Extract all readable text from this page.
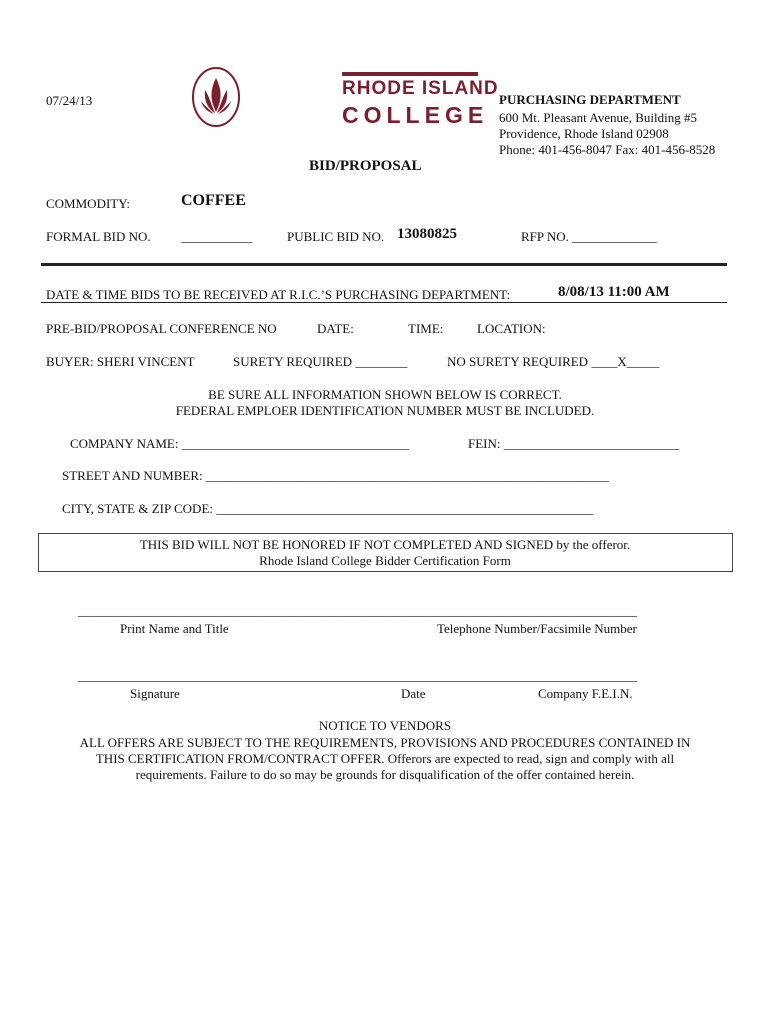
07/24/13
RHODE ISLAND
COLLEGE
PURCHASING DEPARTMENT
600 Mt. Pleasant Avenue, Building #5
Providence, Rhode Island 02908
Phone: 401-456-8047 Fax: 401-456-8528
BID/PROPOSAL
COMMODITY:	COFFEE
FORMAL BID NO. ___________	PUBLIC BID NO. 13080825	RFP NO. _____________
DATE & TIME BIDS TO BE RECEIVED AT R.I.C.’S PURCHASING DEPARTMENT:	8/08/13 11:00 AM
PRE-BID/PROPOSAL CONFERENCE NO	DATE:	TIME:	LOCATION:
BUYER: SHERI VINCENT	SURETY REQUIRED ________	NO SURETY REQUIRED ____X_____
BE SURE ALL INFORMATION SHOWN BELOW IS CORRECT.
FEDERAL EMPLOER IDENTIFICATION NUMBER MUST BE INCLUDED.
COMPANY NAME: ___________________________________	FEIN: ___________________________
STREET AND NUMBER: ______________________________________________________________
CITY, STATE & ZIP CODE: __________________________________________________________
THIS BID WILL NOT BE HONORED IF NOT COMPLETED AND SIGNED by the offeror.
Rhode Island College Bidder Certification Form
______________________________________________________________________________________
Print Name and Title	Telephone Number/Facsimile Number
______________________________________________________________________________________
Signature	Date	Company F.E.I.N.
NOTICE TO VENDORS
ALL OFFERS ARE SUBJECT TO THE REQUIREMENTS, PROVISIONS AND PROCEDURES CONTAINED IN
THIS CERTIFICATION FROM/CONTRACT OFFER. Offerors are expected to read, sign and comply with all
requirements. Failure to do so may be grounds for disqualification of the offer contained herein.
